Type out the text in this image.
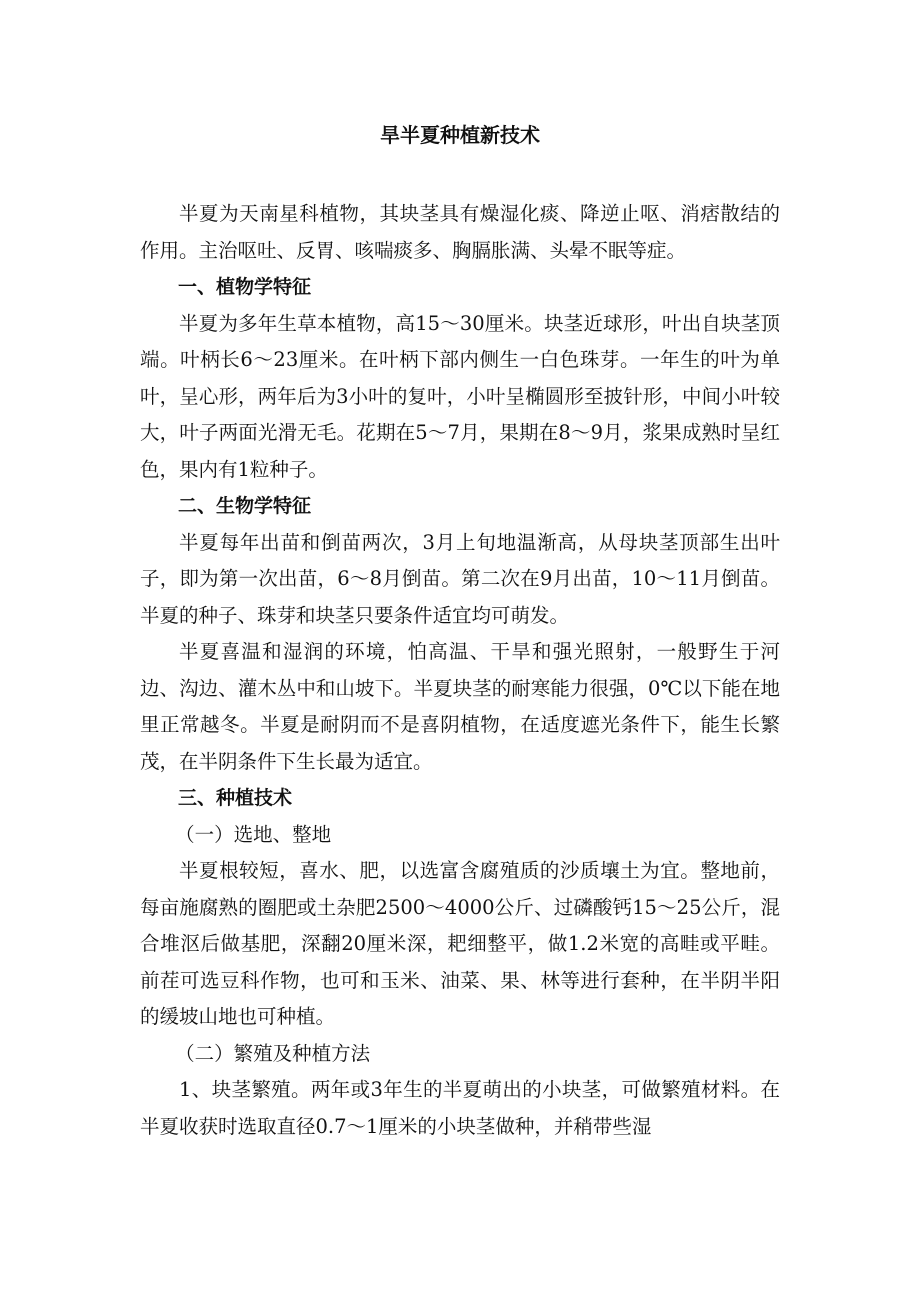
旱半夏种植新技术

半夏为天南星科植物，其块茎具有燥湿化痰、降逆止呕、消痞散结的作用。主治呕吐、反胃、咳喘痰多、胸膈胀满、头晕不眠等症。

一、植物学特征

半夏为多年生草本植物，高15～30厘米。块茎近球形，叶出自块茎顶端。叶柄长6～23厘米。在叶柄下部内侧生一白色珠芽。一年生的叶为单叶，呈心形，两年后为3小叶的复叶，小叶呈椭圆形至披针形，中间小叶较大，叶子两面光滑无毛。花期在5～7月，果期在8～9月，浆果成熟时呈红色，果内有1粒种子。

二、生物学特征

半夏每年出苗和倒苗两次，3月上旬地温渐高，从母块茎顶部生出叶子，即为第一次出苗，6～8月倒苗。第二次在9月出苗，10～11月倒苗。半夏的种子、珠芽和块茎只要条件适宜均可萌发。

半夏喜温和湿润的环境，怕高温、干旱和强光照射，一般野生于河边、沟边、灌木丛中和山坡下。半夏块茎的耐寒能力很强，0℃以下能在地里正常越冬。半夏是耐阴而不是喜阴植物，在适度遮光条件下，能生长繁茂，在半阴条件下生长最为适宜。

三、种植技术

（一）选地、整地

半夏根较短，喜水、肥，以选富含腐殖质的沙质壤土为宜。整地前，每亩施腐熟的圈肥或土杂肥2500～4000公斤、过磷酸钙15～25公斤，混合堆沤后做基肥，深翻20厘米深，耙细整平，做1.2米宽的高畦或平畦。前茬可选豆科作物，也可和玉米、油菜、果、林等进行套种，在半阴半阳的缓坡山地也可种植。

（二）繁殖及种植方法

1、块茎繁殖。两年或3年生的半夏萌出的小块茎，可做繁殖材料。在半夏收获时选取直径0.7～1厘米的小块茎做种，并稍带些湿
